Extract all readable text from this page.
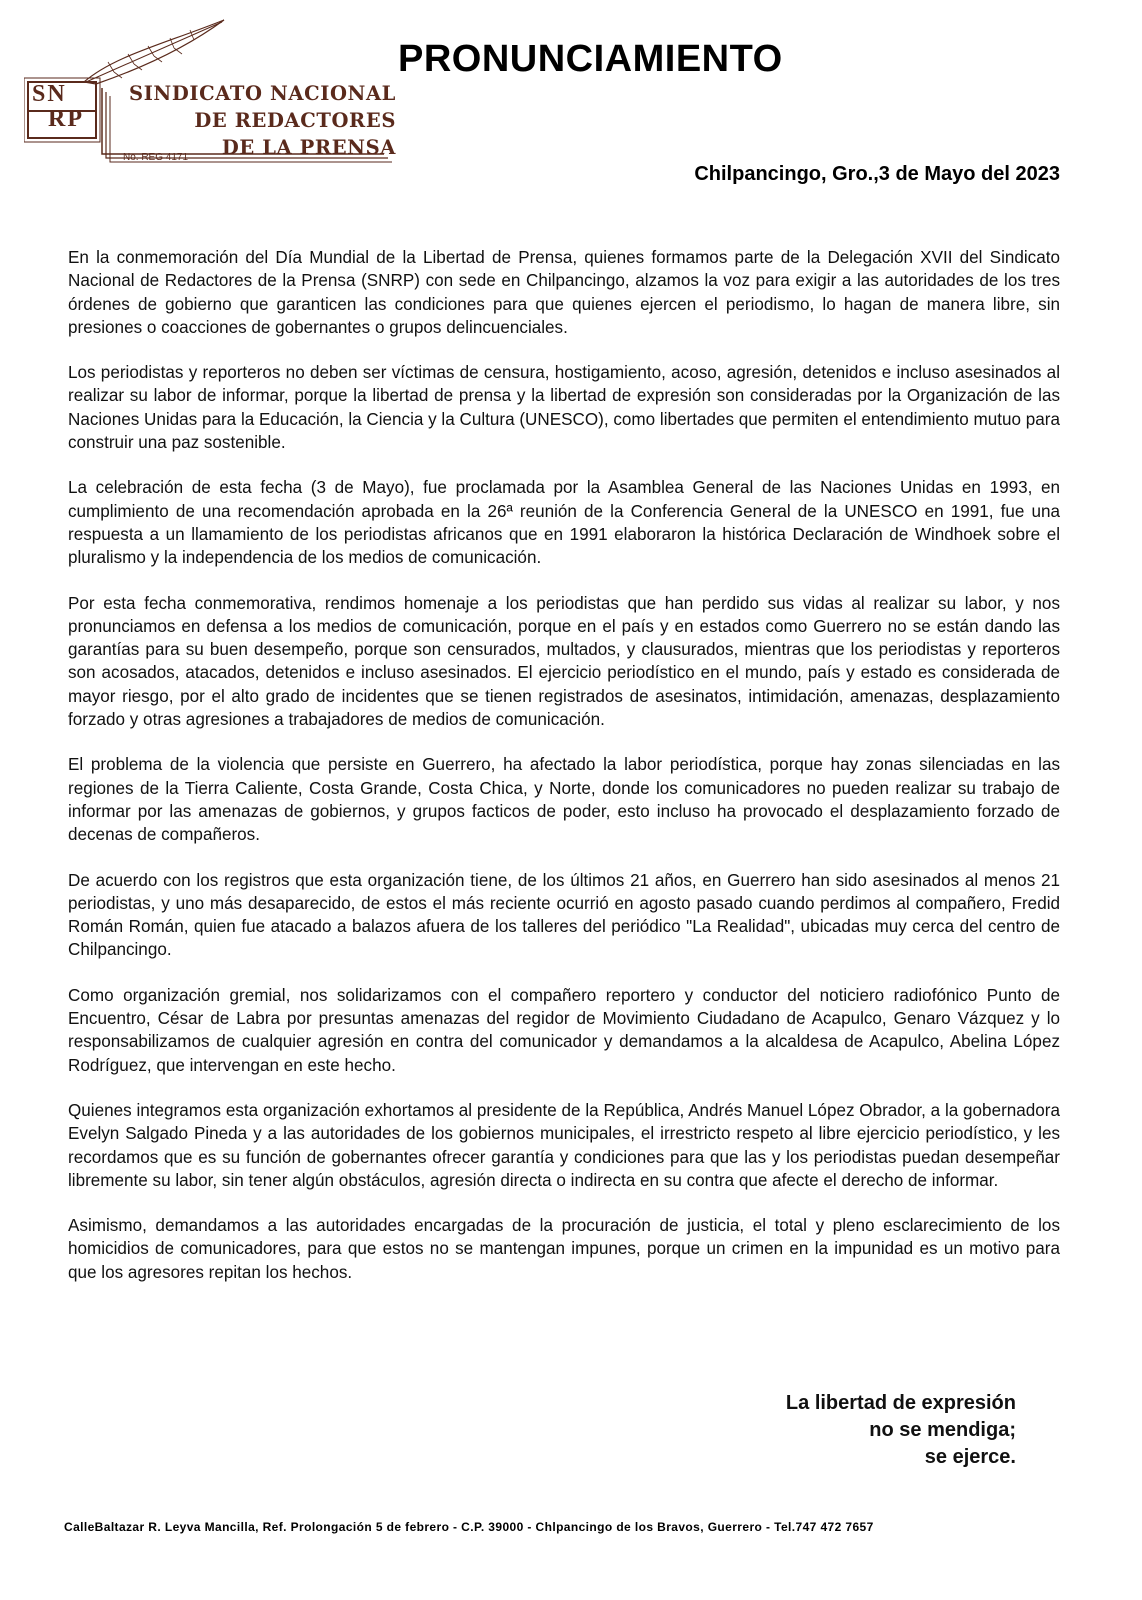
SN
RP
SINDICATO NACIONAL
DE REDACTORES
DE LA PRENSA
No. REG 4171
PRONUNCIAMIENTO
Chilpancingo, Gro.,3 de Mayo del 2023

En la conmemoración del Día Mundial de la Libertad de Prensa, quienes formamos parte de la Delegación XVII del Sindicato Nacional de Redactores de la Prensa (SNRP) con sede en Chilpancingo, alzamos la voz para exigir a las autoridades de los tres órdenes de gobierno que garanticen las condiciones para que quienes ejercen el periodismo, lo hagan de manera libre, sin presiones o coacciones de gobernantes o grupos delincuenciales.

Los periodistas y reporteros no deben ser víctimas de censura, hostigamiento, acoso, agresión, detenidos e incluso asesinados al realizar su labor de informar, porque la libertad de prensa y la libertad de expresión son consideradas por la Organización de las Naciones Unidas para la Educación, la Ciencia y la Cultura (UNESCO), como libertades que permiten el entendimiento mutuo para construir una paz sostenible.

La celebración de esta fecha (3 de Mayo), fue proclamada por la Asamblea General de las Naciones Unidas en 1993, en cumplimiento de una recomendación aprobada en la 26ª reunión de la Conferencia General de la UNESCO en 1991, fue una respuesta a un llamamiento de los periodistas africanos que en 1991 elaboraron la histórica Declaración de Windhoek sobre el pluralismo y la independencia de los medios de comunicación.

Por esta fecha conmemorativa, rendimos homenaje a los periodistas que han perdido sus vidas al realizar su labor, y nos pronunciamos en defensa a los medios de comunicación, porque en el país y en estados como Guerrero no se están dando las garantías para su buen desempeño, porque son censurados, multados, y clausurados, mientras que los periodistas y reporteros son acosados, atacados, detenidos e incluso asesinados. El ejercicio periodístico en el mundo, país y estado es considerada de mayor riesgo, por el alto grado de incidentes que se tienen registrados de asesinatos, intimidación, amenazas, desplazamiento forzado y otras agresiones a trabajadores de medios de comunicación.

El problema de la violencia que persiste en Guerrero, ha afectado la labor periodística, porque hay zonas silenciadas en las regiones de la Tierra Caliente, Costa Grande, Costa Chica, y Norte, donde los comunicadores no pueden realizar su trabajo de informar por las amenazas de gobiernos, y grupos facticos de poder, esto incluso ha provocado el desplazamiento forzado de decenas de compañeros.

De acuerdo con los registros que esta organización tiene, de los últimos 21 años, en Guerrero han sido asesinados al menos 21 periodistas, y uno más desaparecido, de estos el más reciente ocurrió en agosto pasado cuando perdimos al compañero, Fredid Román Román, quien fue atacado a balazos afuera de los talleres del periódico "La Realidad", ubicadas muy cerca del centro de Chilpancingo.

Como organización gremial, nos solidarizamos con el compañero reportero y conductor del noticiero radiofónico Punto de Encuentro, César de Labra por presuntas amenazas del regidor de Movimiento Ciudadano de Acapulco, Genaro Vázquez y lo responsabilizamos de cualquier agresión en contra del comunicador y demandamos a la alcaldesa de Acapulco, Abelina López Rodríguez, que intervengan en este hecho.

Quienes integramos esta organización exhortamos al presidente de la República, Andrés Manuel López Obrador, a la gobernadora Evelyn Salgado Pineda y a las autoridades de los gobiernos municipales, el irrestricto respeto al libre ejercicio periodístico, y les recordamos que es su función de gobernantes ofrecer garantía y condiciones para que las y los periodistas puedan desempeñar libremente su labor, sin tener algún obstáculos, agresión directa o indirecta en su contra que afecte el derecho de informar.

Asimismo, demandamos a las autoridades encargadas de la procuración de justicia, el total y pleno esclarecimiento de los homicidios de comunicadores, para que estos no se mantengan impunes, porque un crimen en la impunidad es un motivo para que los agresores repitan los hechos.

La libertad de expresión
no se mendiga;
se ejerce.
CalleBaltazar R. Leyva Mancilla, Ref. Prolongación 5 de febrero - C.P. 39000 - Chlpancingo de los Bravos, Guerrero - Tel.747 472 7657
